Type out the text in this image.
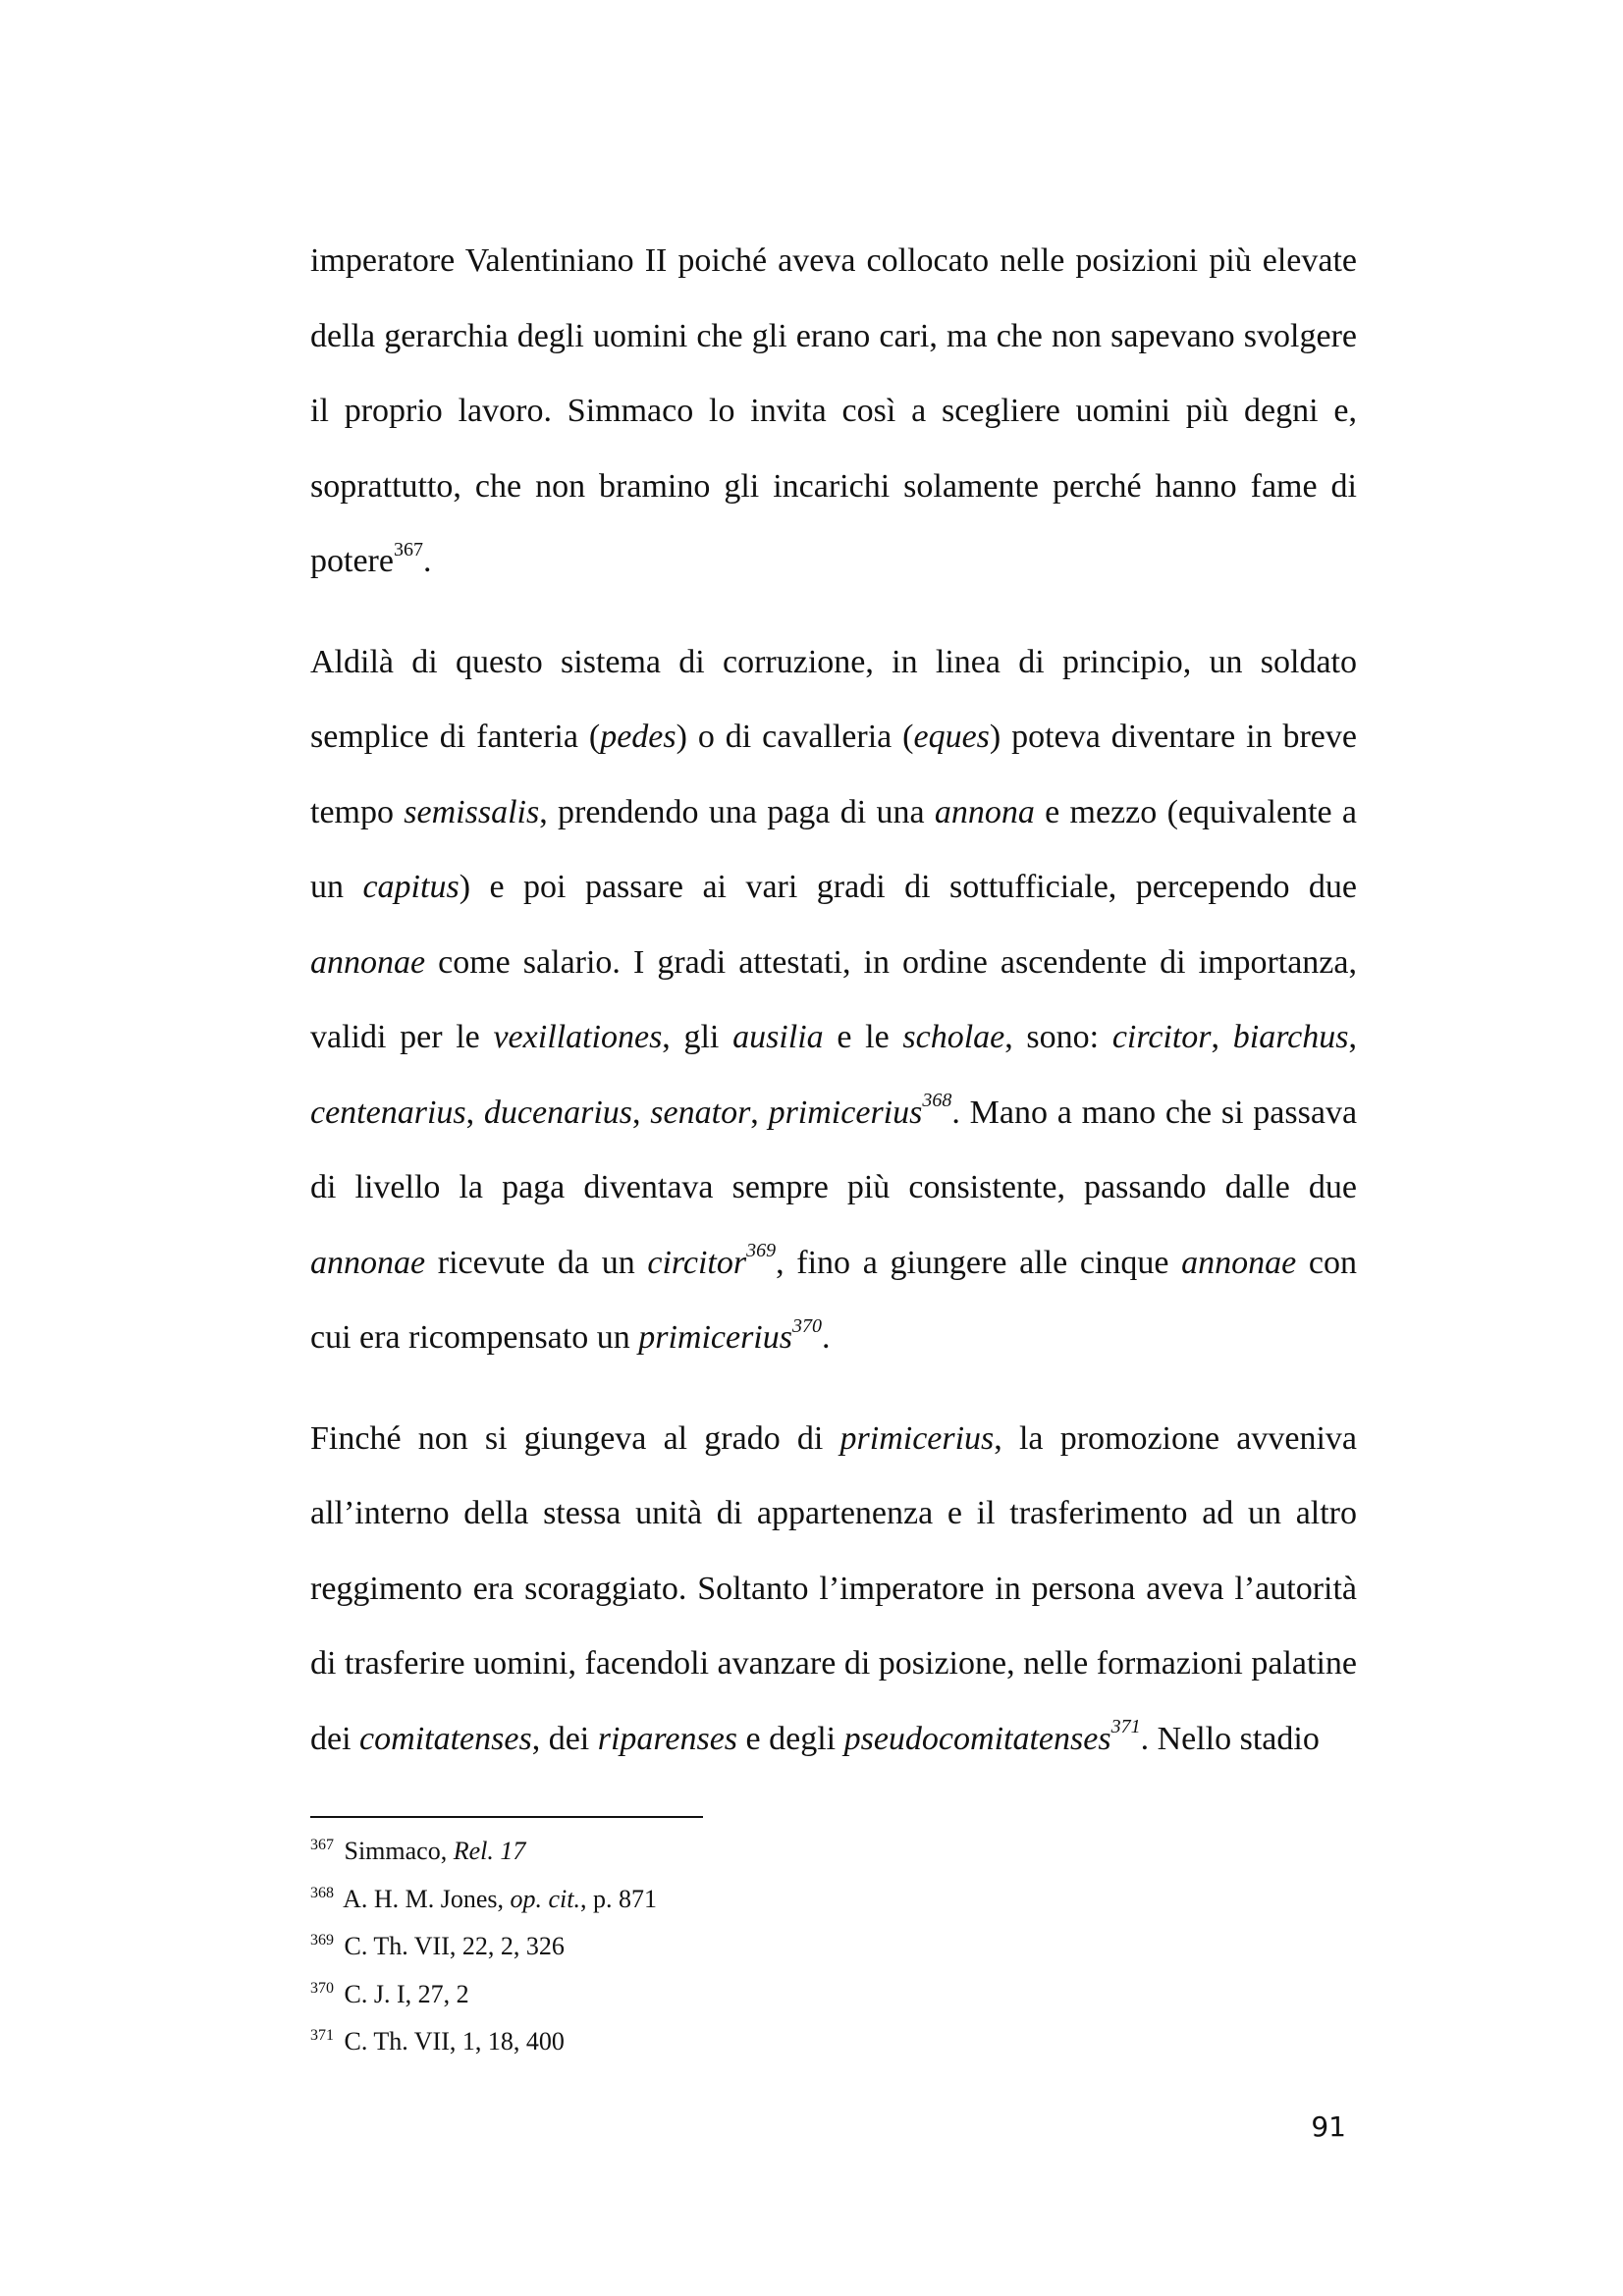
imperatore Valentiniano II poiché aveva collocato nelle posizioni più elevate della gerarchia degli uomini che gli erano cari, ma che non sapevano svolgere il proprio lavoro. Simmaco lo invita così a scegliere uomini più degni e, soprattutto, che non bramino gli incarichi solamente perché hanno fame di potere$^{367}$.

Aldilà di questo sistema di corruzione, in linea di principio, un soldato semplice di fanteria (pedes) o di cavalleria (eques) poteva diventare in breve tempo semissalis, prendendo una paga di una annona e mezzo (equivalente a un capitus) e poi passare ai vari gradi di sottufficiale, percependo due annonae come salario. I gradi attestati, in ordine ascendente di importanza, validi per le vexillationes, gli ausilia e le scholae, sono: circitor, biarchus, centenarius, ducenarius, senator, primicerius$^{368}$. Mano a mano che si passava di livello la paga diventava sempre più consistente, passando dalle due annonae ricevute da un circitor$^{369}$, fino a giungere alle cinque annonae con cui era ricompensato un primicerius$^{370}$.

Finché non si giungeva al grado di primicerius, la promozione avveniva all’interno della stessa unità di appartenenza e il trasferimento ad un altro reggimento era scoraggiato. Soltanto l’imperatore in persona aveva l’autorità di trasferire uomini, facendoli avanzare di posizione, nelle formazioni palatine dei comitatenses, dei riparenses e degli pseudocomitatenses$^{371}$. Nello stadio

$^{367}$ Simmaco, Rel. 17
$^{368}$ A. H. M. Jones, op. cit., p. 871
$^{369}$ C. Th. VII, 22, 2, 326
$^{370}$ C. J. I, 27, 2
$^{371}$ C. Th. VII, 1, 18, 400
91
